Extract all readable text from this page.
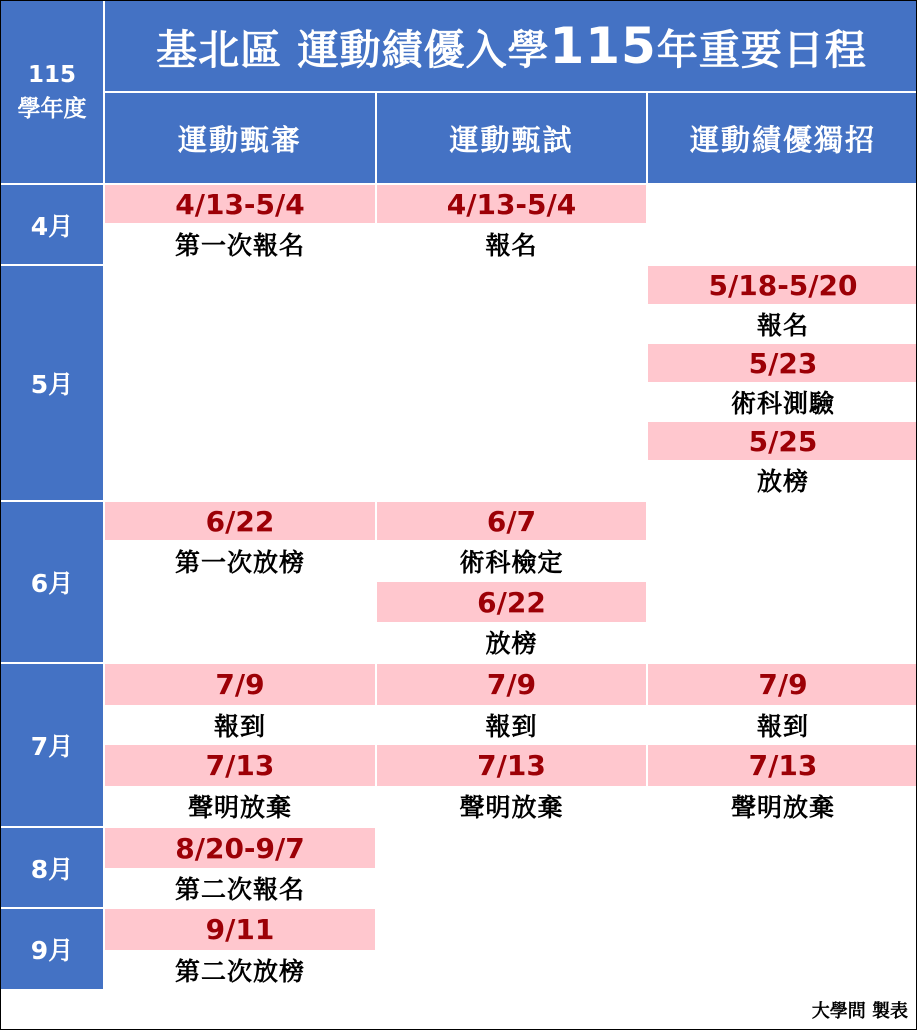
115
學年度
基北區 運動績優入學 115 年重要日程
運動甄審	運動甄試	運動績優獨招
4月
5月
6月
7月
8月
9月
4/13-5/4
第一次報名
4/13-5/4
報名
5/18-5/20
報名
5/23
術科測驗
5/25
放榜
6/22
第一次放榜
6/7
術科檢定
6/22
放榜
7/9
報到
7/9
報到
7/9
報到
7/13
聲明放棄
7/13
聲明放棄
7/13
聲明放棄
8/20-9/7
第二次報名
9/11
第二次放榜
大學問 製表
